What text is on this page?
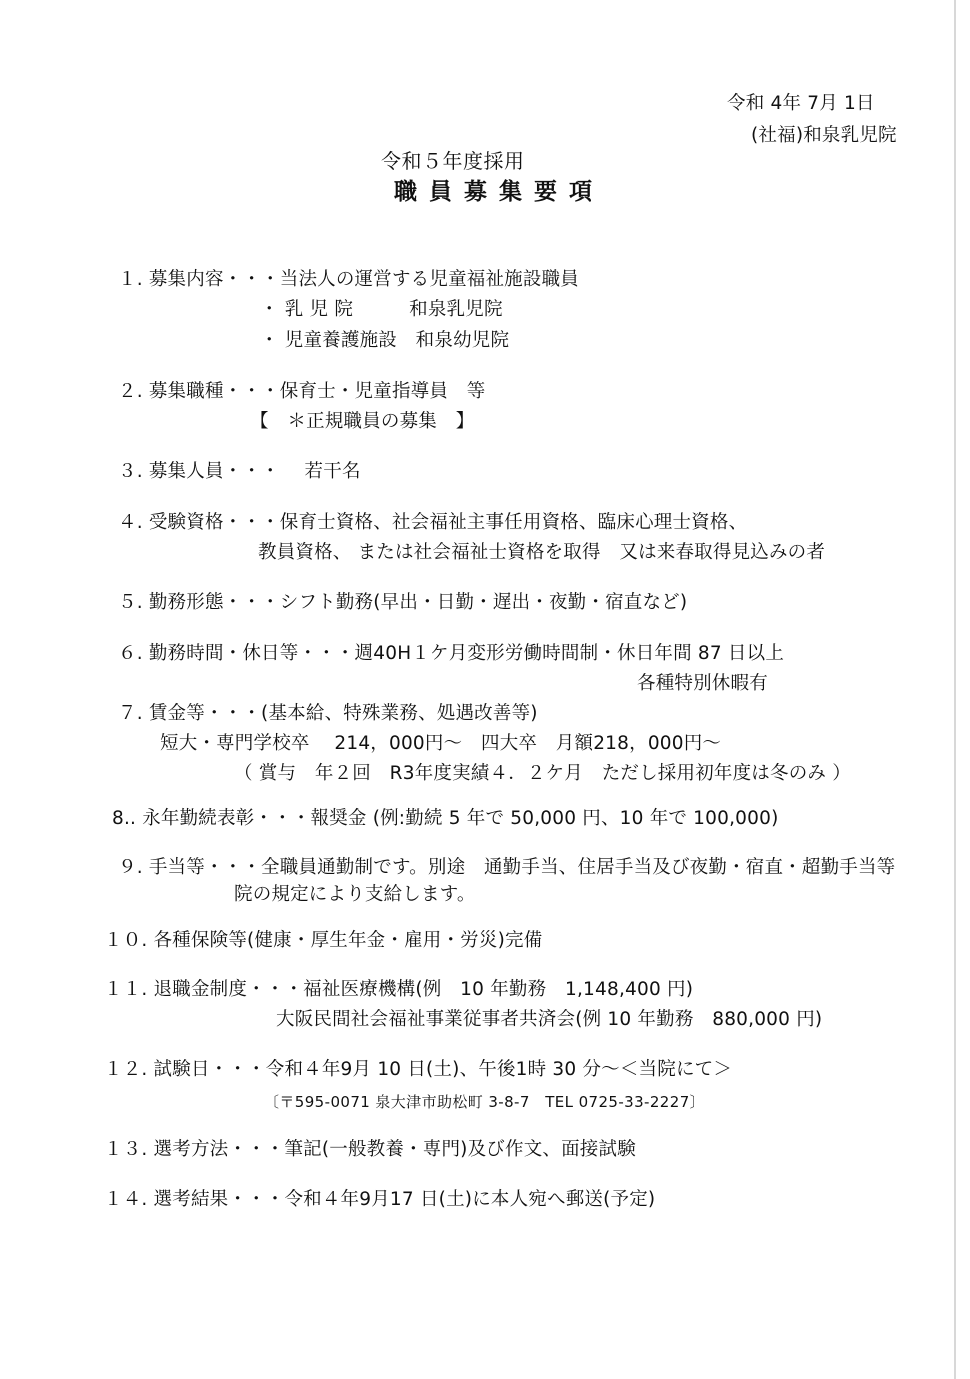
令和 4年 7月 1日
(社福)和泉乳児院
令和５年度採用
職員募集要項
１. 募集内容・・・当法人の運営する児童福祉施設職員
・ 乳 児 院　　　和泉乳児院
・ 児童養護施設　和泉幼児院
２. 募集職種・・・保育士・児童指導員　等
【　＊正規職員の募集　】
３. 募集人員・・・　 若干名
４. 受験資格・・・保育士資格、社会福祉主事任用資格、臨床心理士資格、
教員資格、 または社会福祉士資格を取得　又は来春取得見込みの者
５. 勤務形態・・・シフト勤務(早出・日勤・遅出・夜勤・宿直など)
６. 勤務時間・休日等・・・週40H１ケ月変形労働時間制・休日年間 87 日以上
各種特別休暇有
７. 賃金等・・・(基本給、特殊業務、処遇改善等)
短大・専門学校卒　 214，000円～　四大卒　月額218，000円～
（ 賞与　年２回　R3年度実績４．２ケ月　ただし採用初年度は冬のみ ）
8.. 永年勤続表彰・・・報奨金 (例:勤続 5 年で 50,000 円、10 年で 100,000)
９. 手当等・・・全職員通勤制です。別途　通勤手当、住居手当及び夜勤・宿直・超勤手当等
院の規定により支給します。
１０. 各種保険等(健康・厚生年金・雇用・労災)完備
１１. 退職金制度・・・福祉医療機構(例　10 年勤務　1,148,400 円)
大阪民間社会福祉事業従事者共済会(例 10 年勤務　880,000 円)
１２. 試験日・・・令和４年9月 10 日(土)、午後1時 30 分～＜当院にて＞
〔〒595-0071 泉大津市助松町 3-8-7　TEL 0725-33-2227〕
１３. 選考方法・・・筆記(一般教養・専門)及び作文、面接試験
１４. 選考結果・・・令和４年9月17 日(土)に本人宛へ郵送(予定)
